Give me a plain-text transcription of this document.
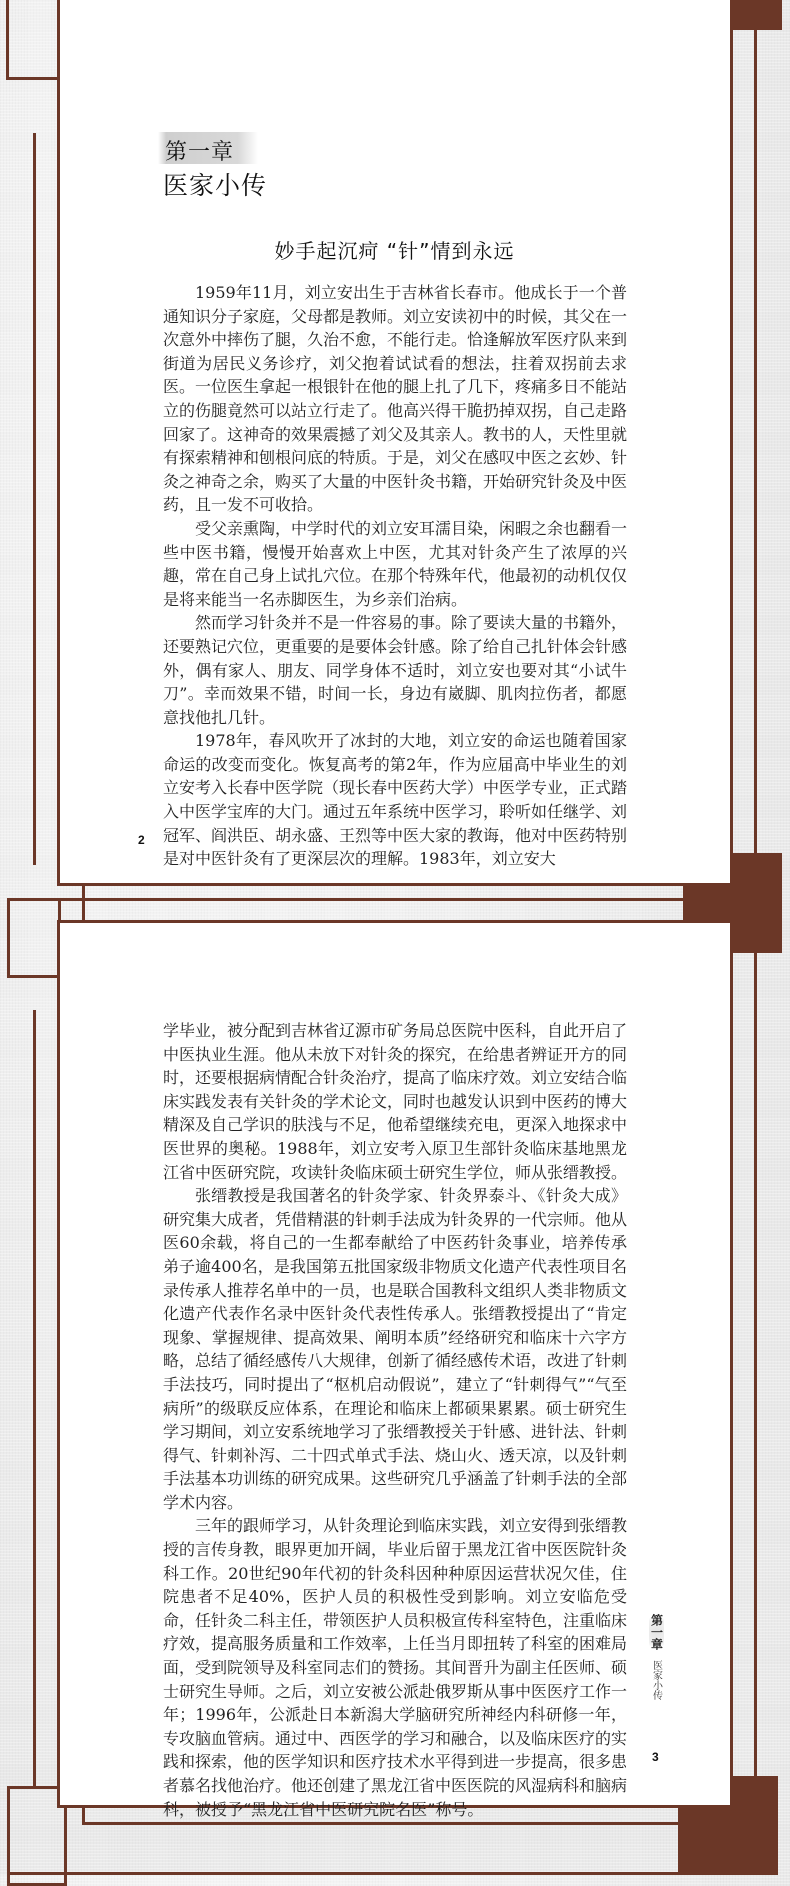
第一章
医家小传
妙手起沉疴 “针”情到永远

1959年11月，刘立安出生于吉林省长春市。他成长于一个普通知识分子家庭，父母都是教师。刘立安读初中的时候，其父在一次意外中摔伤了腿，久治不愈，不能行走。恰逢解放军医疗队来到街道为居民义务诊疗，刘父抱着试试看的想法，拄着双拐前去求医。一位医生拿起一根银针在他的腿上扎了几下，疼痛多日不能站立的伤腿竟然可以站立行走了。他高兴得干脆扔掉双拐，自己走路回家了。这神奇的效果震撼了刘父及其亲人。教书的人，天性里就有探索精神和刨根问底的特质。于是，刘父在感叹中医之玄妙、针灸之神奇之余，购买了大量的中医针灸书籍，开始研究针灸及中医药，且一发不可收拾。

受父亲熏陶，中学时代的刘立安耳濡目染，闲暇之余也翻看一些中医书籍，慢慢开始喜欢上中医，尤其对针灸产生了浓厚的兴趣，常在自己身上试扎穴位。在那个特殊年代，他最初的动机仅仅是将来能当一名赤脚医生，为乡亲们治病。

然而学习针灸并不是一件容易的事。除了要读大量的书籍外，还要熟记穴位，更重要的是要体会针感。除了给自己扎针体会针感外，偶有家人、朋友、同学身体不适时，刘立安也要对其“小试牛刀”。幸而效果不错，时间一长，身边有崴脚、肌肉拉伤者，都愿意找他扎几针。

1978年，春风吹开了冰封的大地，刘立安的命运也随着国家命运的改变而变化。恢复高考的第2年，作为应届高中毕业生的刘立安考入长春中医学院（现长春中医药大学）中医学专业，正式踏入中医学宝库的大门。通过五年系统中医学习，聆听如任继学、刘冠军、阎洪臣、胡永盛、王烈等中医大家的教诲，他对中医药特别是对中医针灸有了更深层次的理解。1983年，刘立安大

2

学毕业，被分配到吉林省辽源市矿务局总医院中医科，自此开启了中医执业生涯。他从未放下对针灸的探究，在给患者辨证开方的同时，还要根据病情配合针灸治疗，提高了临床疗效。刘立安结合临床实践发表有关针灸的学术论文，同时也越发认识到中医药的博大精深及自己学识的肤浅与不足，他希望继续充电，更深入地探求中医世界的奥秘。1988年，刘立安考入原卫生部针灸临床基地黑龙江省中医研究院，攻读针灸临床硕士研究生学位，师从张缙教授。

张缙教授是我国著名的针灸学家、针灸界泰斗、《针灸大成》研究集大成者，凭借精湛的针刺手法成为针灸界的一代宗师。他从医60余载，将自己的一生都奉献给了中医药针灸事业，培养传承弟子逾400名，是我国第五批国家级非物质文化遗产代表性项目名录传承人推荐名单中的一员，也是联合国教科文组织人类非物质文化遗产代表作名录中医针灸代表性传承人。张缙教授提出了“肯定现象、掌握规律、提高效果、阐明本质”经络研究和临床十六字方略，总结了循经感传八大规律，创新了循经感传术语，改进了针刺手法技巧，同时提出了“枢机启动假说”，建立了“针刺得气”“气至病所”的级联反应体系，在理论和临床上都硕果累累。硕士研究生学习期间，刘立安系统地学习了张缙教授关于针感、进针法、针刺得气、针刺补泻、二十四式单式手法、烧山火、透天凉，以及针刺手法基本功训练的研究成果。这些研究几乎涵盖了针刺手法的全部学术内容。

三年的跟师学习，从针灸理论到临床实践，刘立安得到张缙教授的言传身教，眼界更加开阔，毕业后留于黑龙江省中医医院针灸科工作。20世纪90年代初的针灸科因种种原因运营状况欠佳，住院患者不足40%，医护人员的积极性受到影响。刘立安临危受命，任针灸二科主任，带领医护人员积极宣传科室特色，注重临床疗效，提高服务质量和工作效率，上任当月即扭转了科室的困难局面，受到院领导及科室同志们的赞扬。其间晋升为副主任医师、硕士研究生导师。之后，刘立安被公派赴俄罗斯从事中医医疗工作一年；1996年，公派赴日本新潟大学脑研究所神经内科研修一年，专攻脑血管病。通过中、西医学的学习和融合，以及临床医疗的实践和探索，他的医学知识和医疗技术水平得到进一步提高，很多患者慕名找他治疗。他还创建了黑龙江省中医医院的风湿病科和脑病科，被授予“黑龙江省中医研究院名医”称号。

第一章
医家小传
3
